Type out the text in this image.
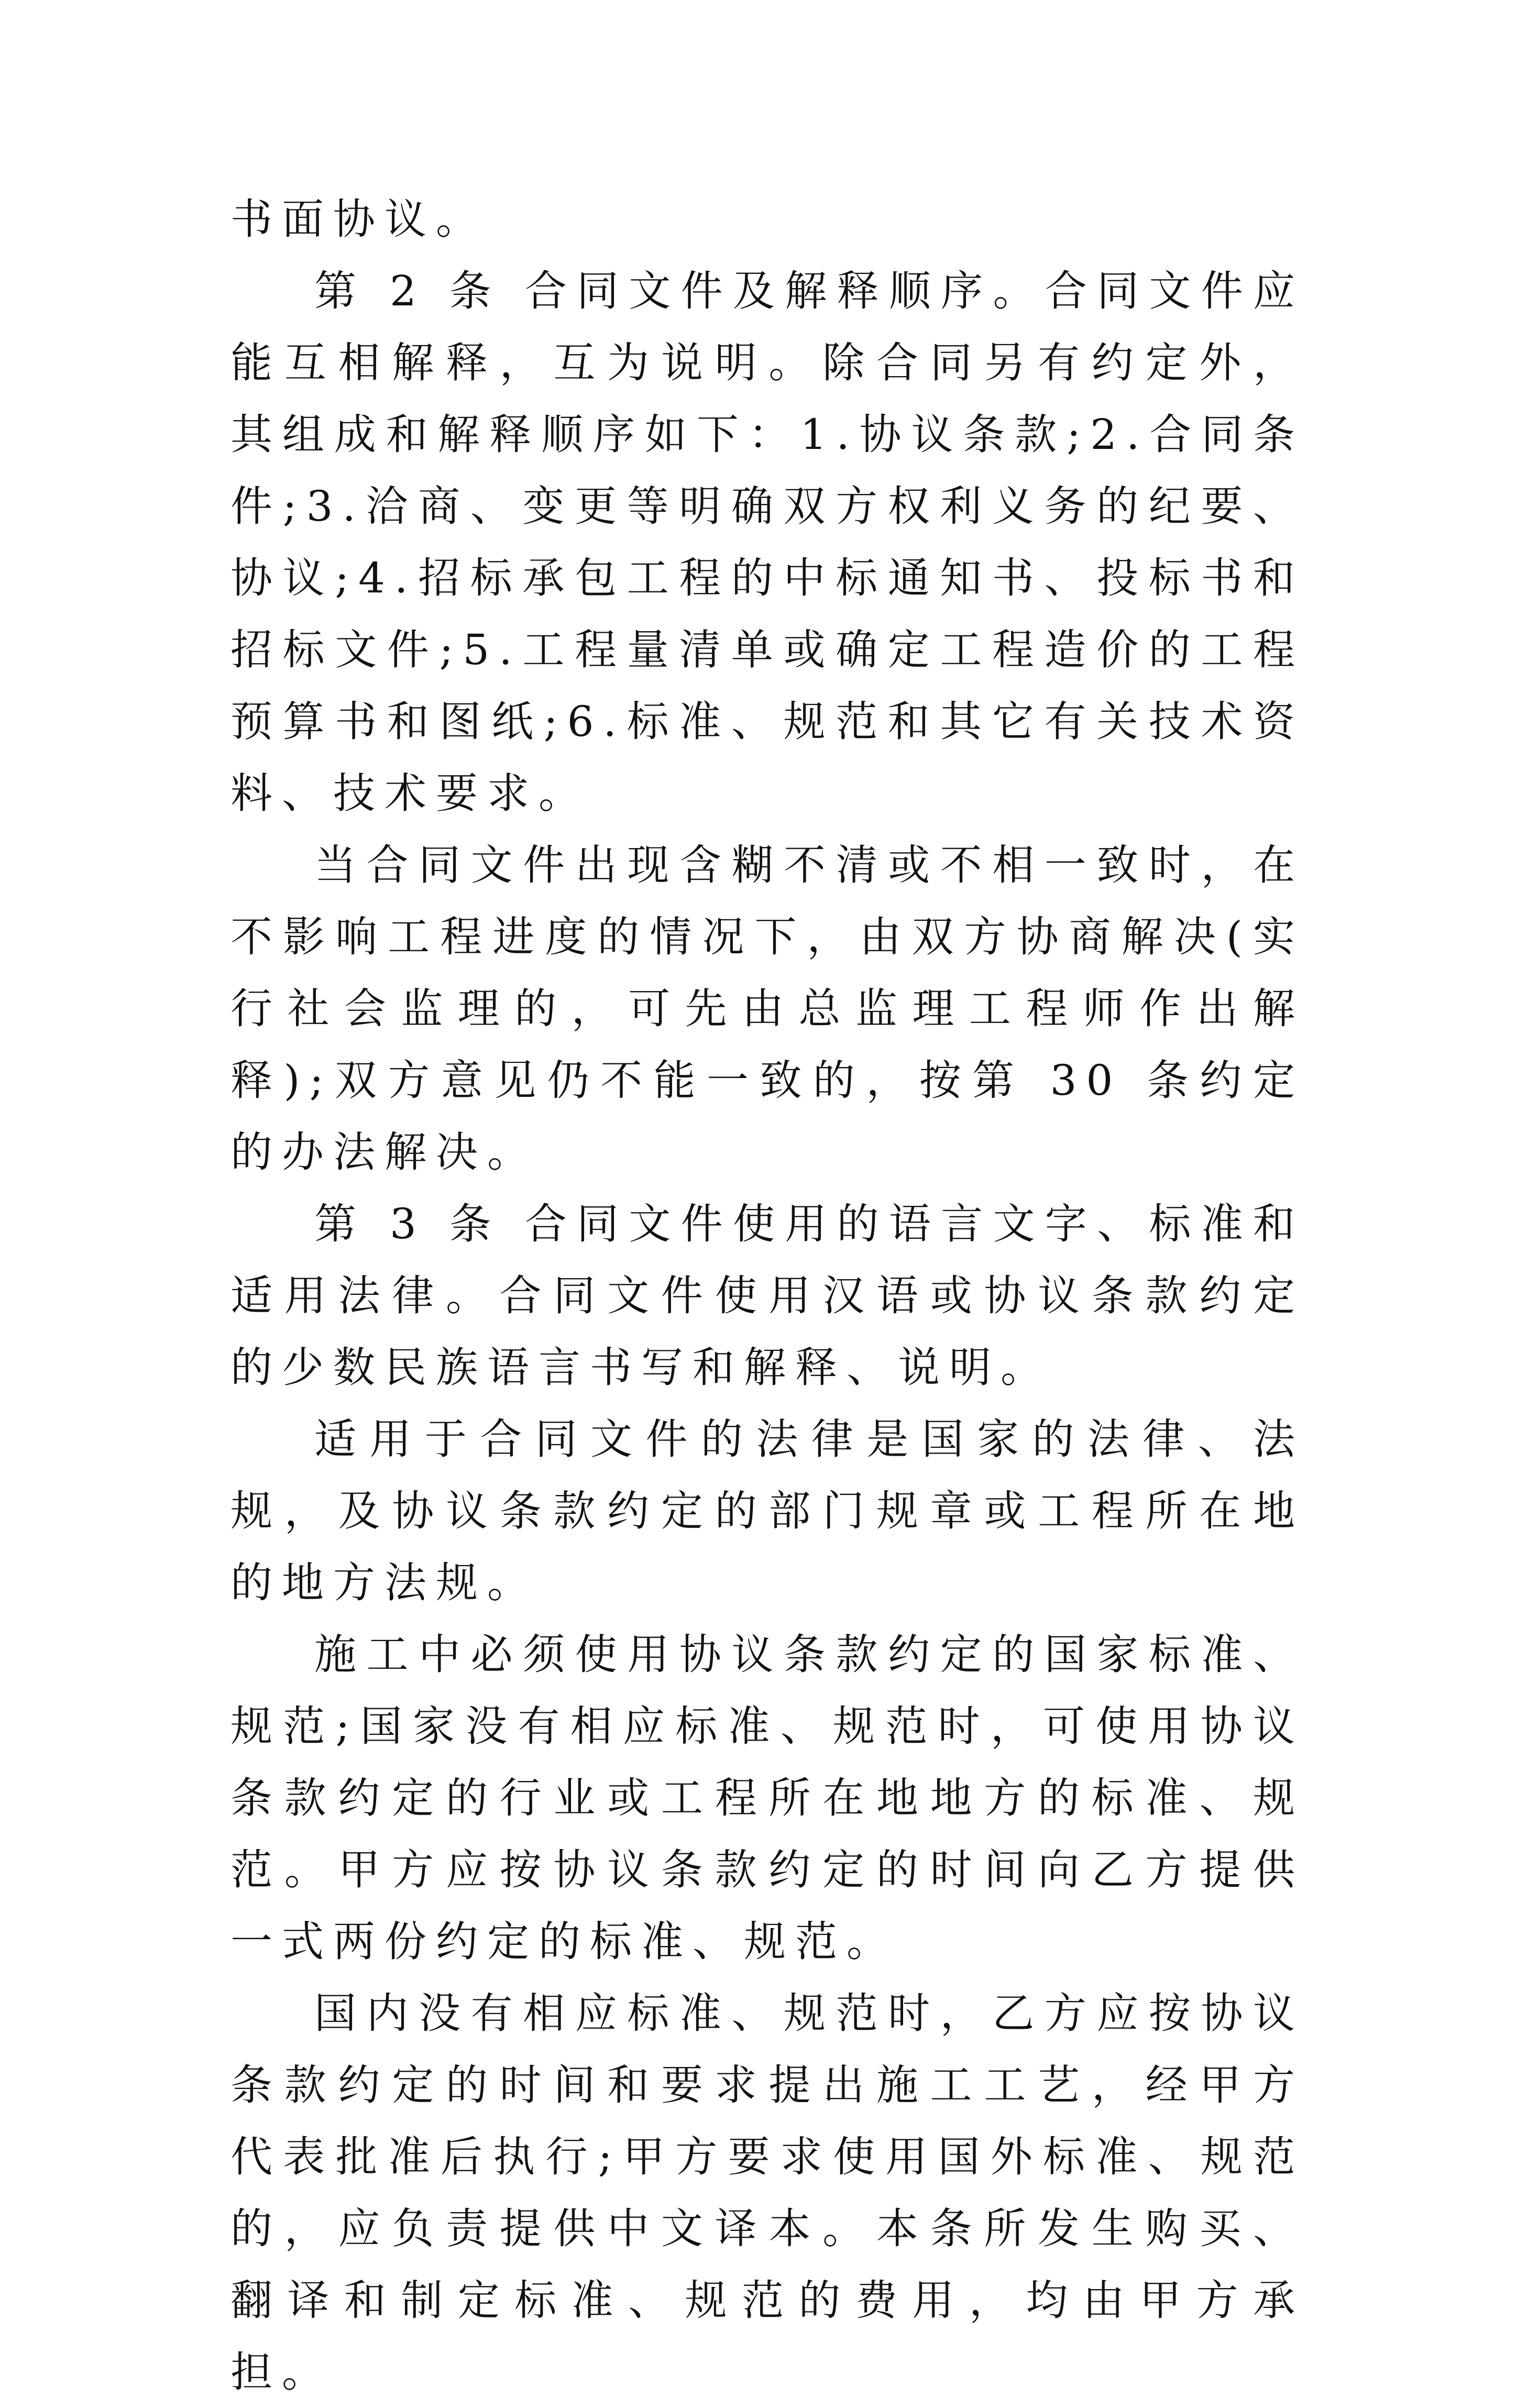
书面协议。

第 2 条 合同文件及解释顺序。合同文件应能互相解释，互为说明。除合同另有约定外，其组成和解释顺序如下：1.协议条款;2.合同条件;3.洽商、变更等明确双方权利义务的纪要、协议;4.招标承包工程的中标通知书、投标书和招标文件;5.工程量清单或确定工程造价的工程预算书和图纸;6.标准、规范和其它有关技术资料、技术要求。

当合同文件出现含糊不清或不相一致时，在不影响工程进度的情况下，由双方协商解决(实行社会监理的，可先由总监理工程师作出解释);双方意见仍不能一致的，按第 30 条约定的办法解决。

第 3 条 合同文件使用的语言文字、标准和适用法律。合同文件使用汉语或协议条款约定的少数民族语言书写和解释、说明。

适用于合同文件的法律是国家的法律、法规，及协议条款约定的部门规章或工程所在地的地方法规。

施工中必须使用协议条款约定的国家标准、规范;国家没有相应标准、规范时，可使用协议条款约定的行业或工程所在地地方的标准、规范。甲方应按协议条款约定的时间向乙方提供一式两份约定的标准、规范。

国内没有相应标准、规范时，乙方应按协议条款约定的时间和要求提出施工工艺，经甲方代表批准后执行;甲方要求使用国外标准、规范的，应负责提供中文译本。本条所发生购买、翻译和制定标准、规范的费用，均由甲方承担。
